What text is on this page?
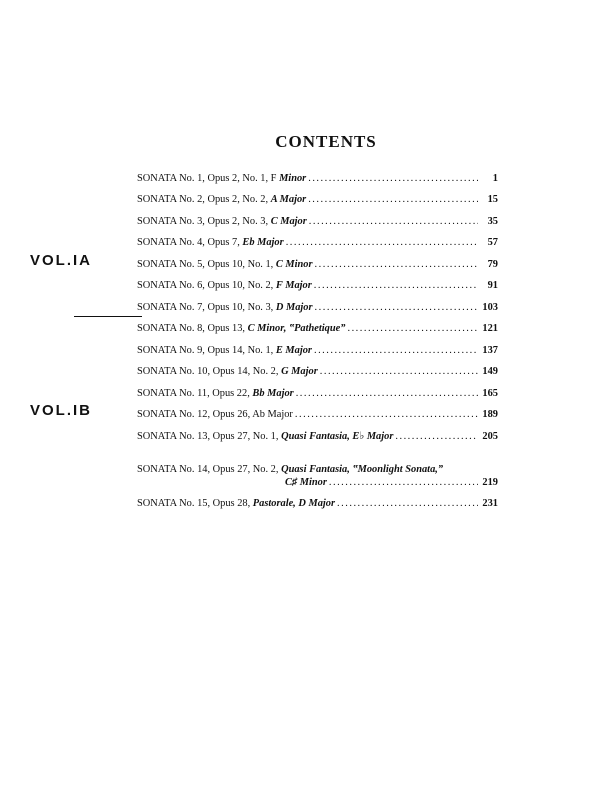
CONTENTS
VOL.IA
VOL.IB
SONATA No. 1, Opus 2, No. 1, F Minor .....	1
SONATA No. 2, Opus 2, No. 2, A Major .....	15
SONATA No. 3, Opus 2, No. 3, C Major .....	35
SONATA No. 4, Opus 7, Eb Major .....	57
SONATA No. 5, Opus 10, No. 1, C Minor .....	79
SONATA No. 6, Opus 10, No. 2, F Major .....	91
SONATA No. 7, Opus 10, No. 3, D Major .....	103
SONATA No. 8, Opus 13, C Minor, ‟Pathetique” .....	121
SONATA No. 9, Opus 14, No. 1, E Major .....	137
SONATA No. 10, Opus 14, No. 2, G Major .....	149
SONATA No. 11, Opus 22, Bb Major .....	165
SONATA No. 12, Opus 26, Ab Major .....	189
SONATA No. 13, Opus 27, No. 1, Quasi Fantasia, E♭ Major .....	205
SONATA No. 14, Opus 27, No. 2, Quasi Fantasia, ‟Moonlight Sonata,”
C♯ Minor .....	219
SONATA No. 15, Opus 28, Pastorale, D Major .....	231
